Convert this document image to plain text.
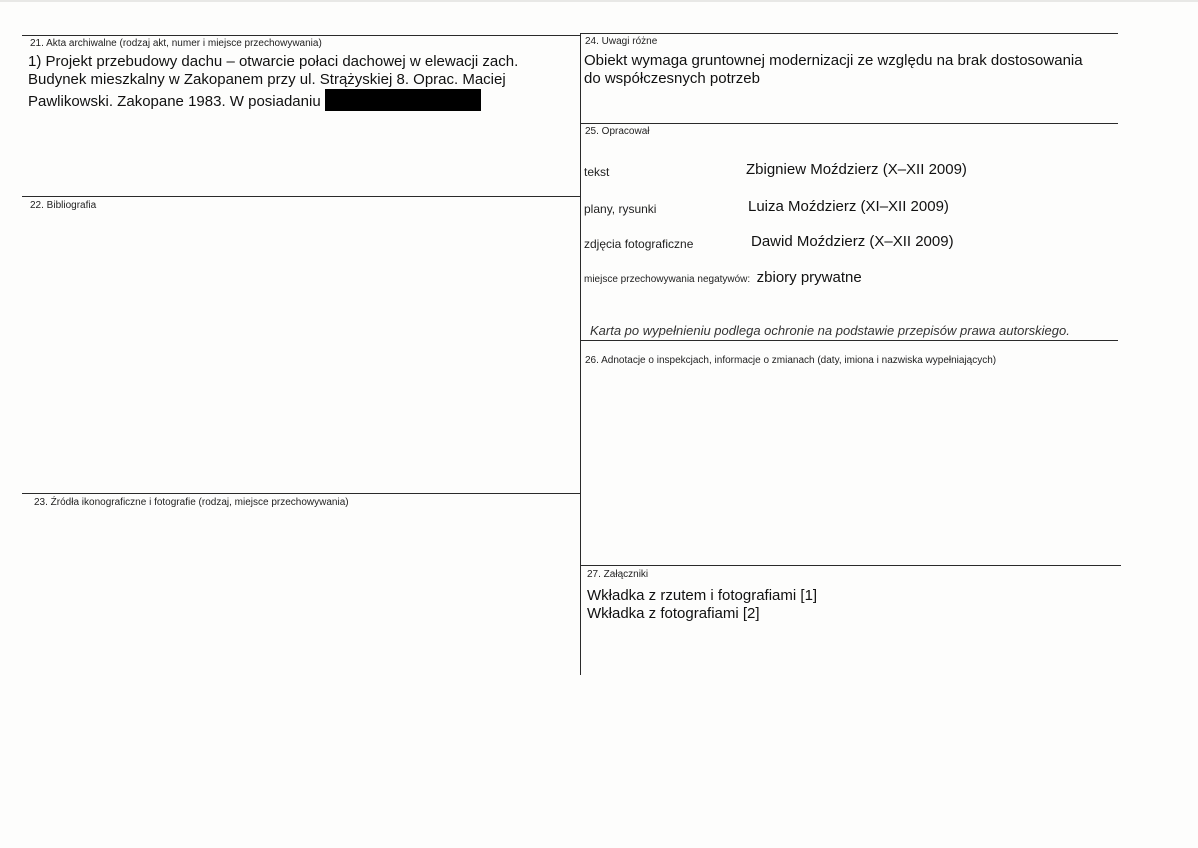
21. Akta archiwalne (rodzaj akt, numer i miejsce przechowywania)
1) Projekt przebudowy dachu – otwarcie połaci dachowej w elewacji zach.
Budynek mieszkalny w Zakopanem przy ul. Strążyskiej 8. Oprac. Maciej
Pawlikowski. Zakopane 1983. W posiadaniu
22. Bibliografia
23. Źródła ikonograficzne i fotografie (rodzaj, miejsce przechowywania)
24. Uwagi różne
Obiekt wymaga gruntownej modernizacji ze względu na brak dostosowania
do współczesnych potrzeb
25. Opracował
tekst	Zbigniew Moździerz (X–XII 2009)
plany, rysunki	Luiza Moździerz (XI–XII 2009)
zdjęcia fotograficzne	Dawid Moździerz (X–XII 2009)
miejsce przechowywania negatywów: zbiory prywatne
Karta po wypełnieniu podlega ochronie na podstawie przepisów prawa autorskiego.
26. Adnotacje o inspekcjach, informacje o zmianach (daty, imiona i nazwiska wypełniających)
27. Załączniki
Wkładka z rzutem i fotografiami [1]
Wkładka z fotografiami [2]
